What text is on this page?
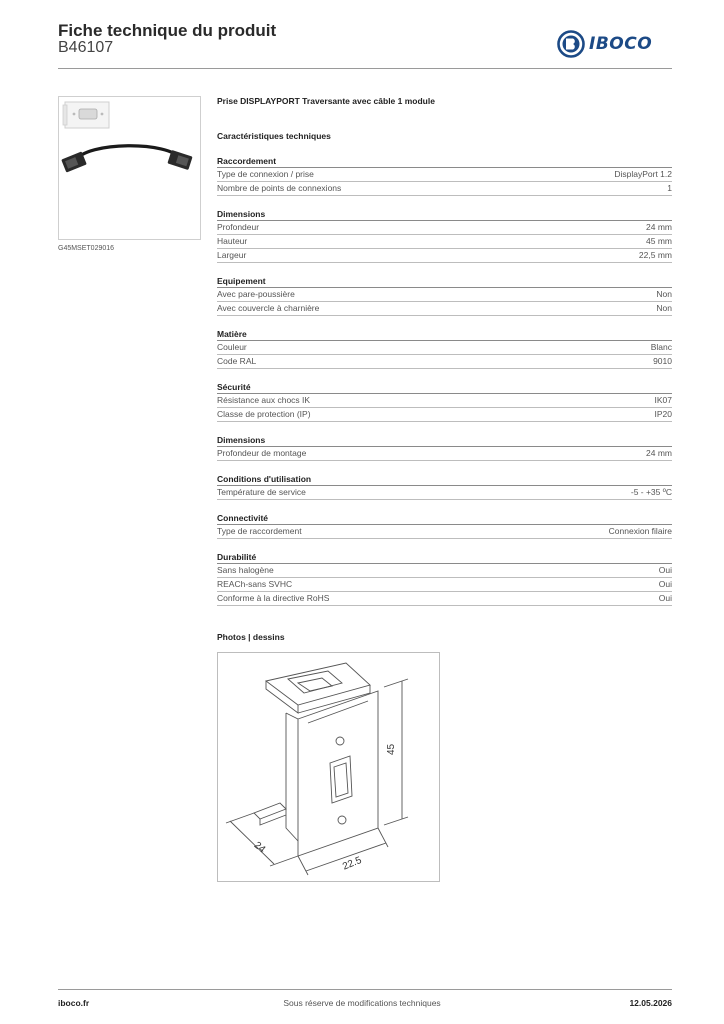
Fiche technique du produit
B46107	IBOCO
G45MSET029016
Prise DISPLAYPORT Traversante avec câble 1 module
Caractéristiques techniques
Raccordement
Type de connexion / prise	DisplayPort 1.2
Nombre de points de connexions	1
Dimensions
Profondeur	24 mm
Hauteur	45 mm
Largeur	22,5 mm
Equipement
Avec pare-poussière	Non
Avec couvercle à charnière	Non
Matière
Couleur	Blanc
Code RAL	9010
Sécurité
Résistance aux chocs IK	IK07
Classe de protection (IP)	IP20
Dimensions
Profondeur de montage	24 mm
Conditions d'utilisation
Température de service	-5 - +35 ºC
Connectivité
Type de raccordement	Connexion filaire
Durabilité
Sans halogène	Oui
REACh-sans SVHC	Oui
Conforme à la directive RoHS	Oui
Photos | dessins
45
24
22.5
iboco.fr	Sous réserve de modifications techniques	12.05.2026
